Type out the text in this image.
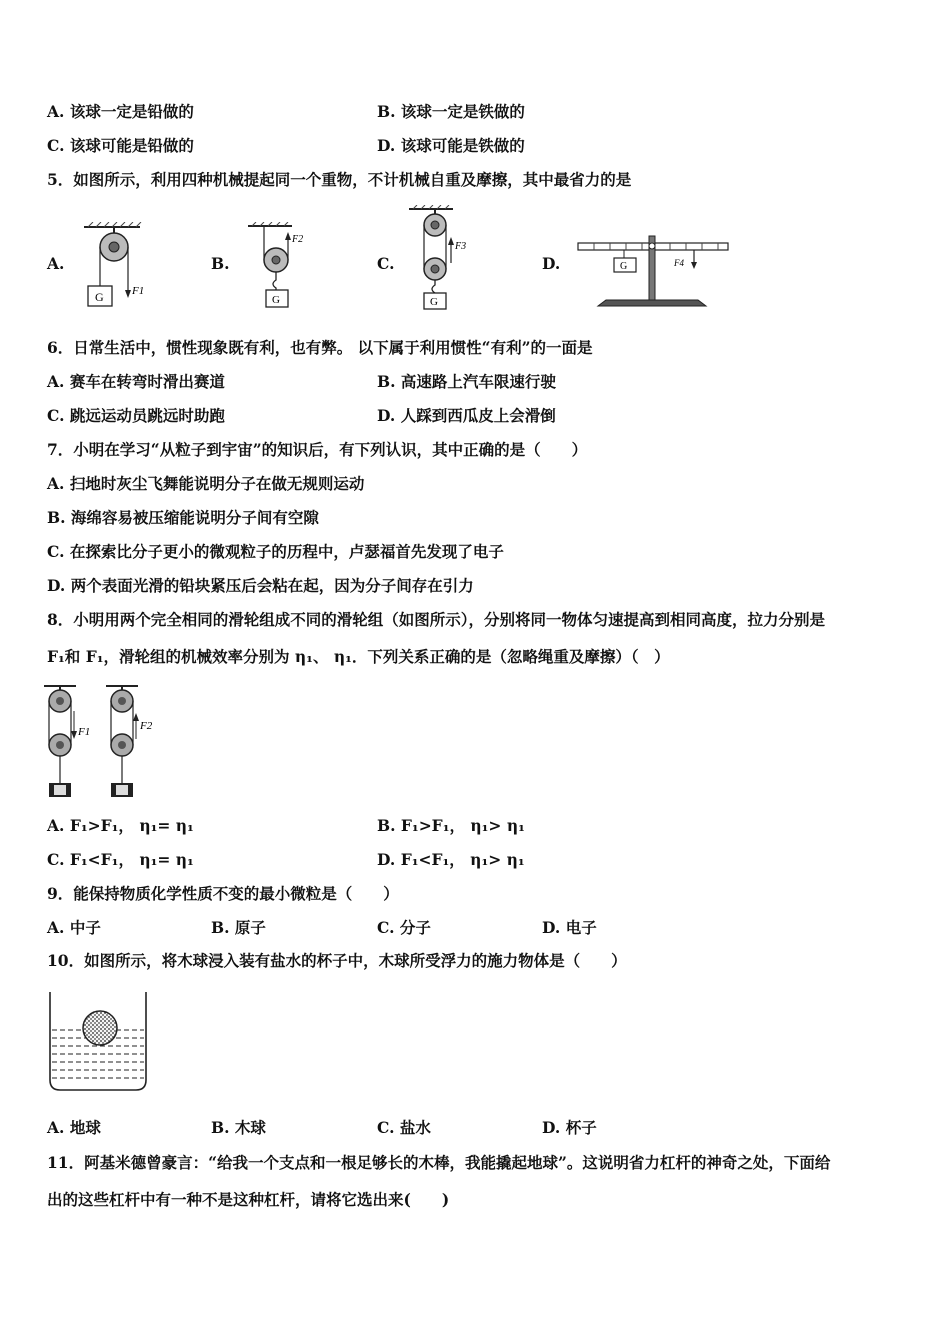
A. 该球一定是铅做的	B. 该球一定是铁做的
C. 该球可能是铅做的	D. 该球可能是铁做的
5．如图所示，利用四种机械提起同一个重物，不计机械自重及摩擦，其中最省力的是
A.	B.	C.	D.
G	F1
G
F2
G
F3
G	F4
6．日常生活中，惯性现象既有利，也有弊。 以下属于利用惯性“有利”的一面是
A. 赛车在转弯时滑出赛道	B. 高速路上汽车限速行驶
C. 跳远运动员跳远时助跑	D. 人踩到西瓜皮上会滑倒
7．小明在学习“从粒子到宇宙”的知识后，有下列认识，其中正确的是（　　）
A. 扫地时灰尘飞舞能说明分子在做无规则运动
B. 海绵容易被压缩能说明分子间有空隙
C. 在探索比分子更小的微观粒子的历程中，卢瑟福首先发现了电子
D. 两个表面光滑的铅块紧压后会粘在起，因为分子间存在引力
8．小明用两个完全相同的滑轮组成不同的滑轮组（如图所示），分别将同一物体匀速提高到相同高度，拉力分别是
F₁和 F₁，滑轮组的机械效率分别为 η₁、 η₁．下列关系正确的是（忽略绳重及摩擦）（　）
F1	F2
A. F₁>F₁， η₁= η₁	B. F₁>F₁， η₁> η₁
C. F₁<F₁， η₁= η₁	D. F₁<F₁， η₁> η₁
9．能保持物质化学性质不变的最小微粒是（　　）
A. 中子	B. 原子	C. 分子	D. 电子
10．如图所示，将木球浸入装有盐水的杯子中，木球所受浮力的施力物体是（　　）
A. 地球	B. 木球	C. 盐水	D. 杯子
11．阿基米德曾豪言：“给我一个支点和一根足够长的木棒，我能撬起地球”。这说明省力杠杆的神奇之处，下面给
出的这些杠杆中有一种不是这种杠杆，请将它选出来(　　)
